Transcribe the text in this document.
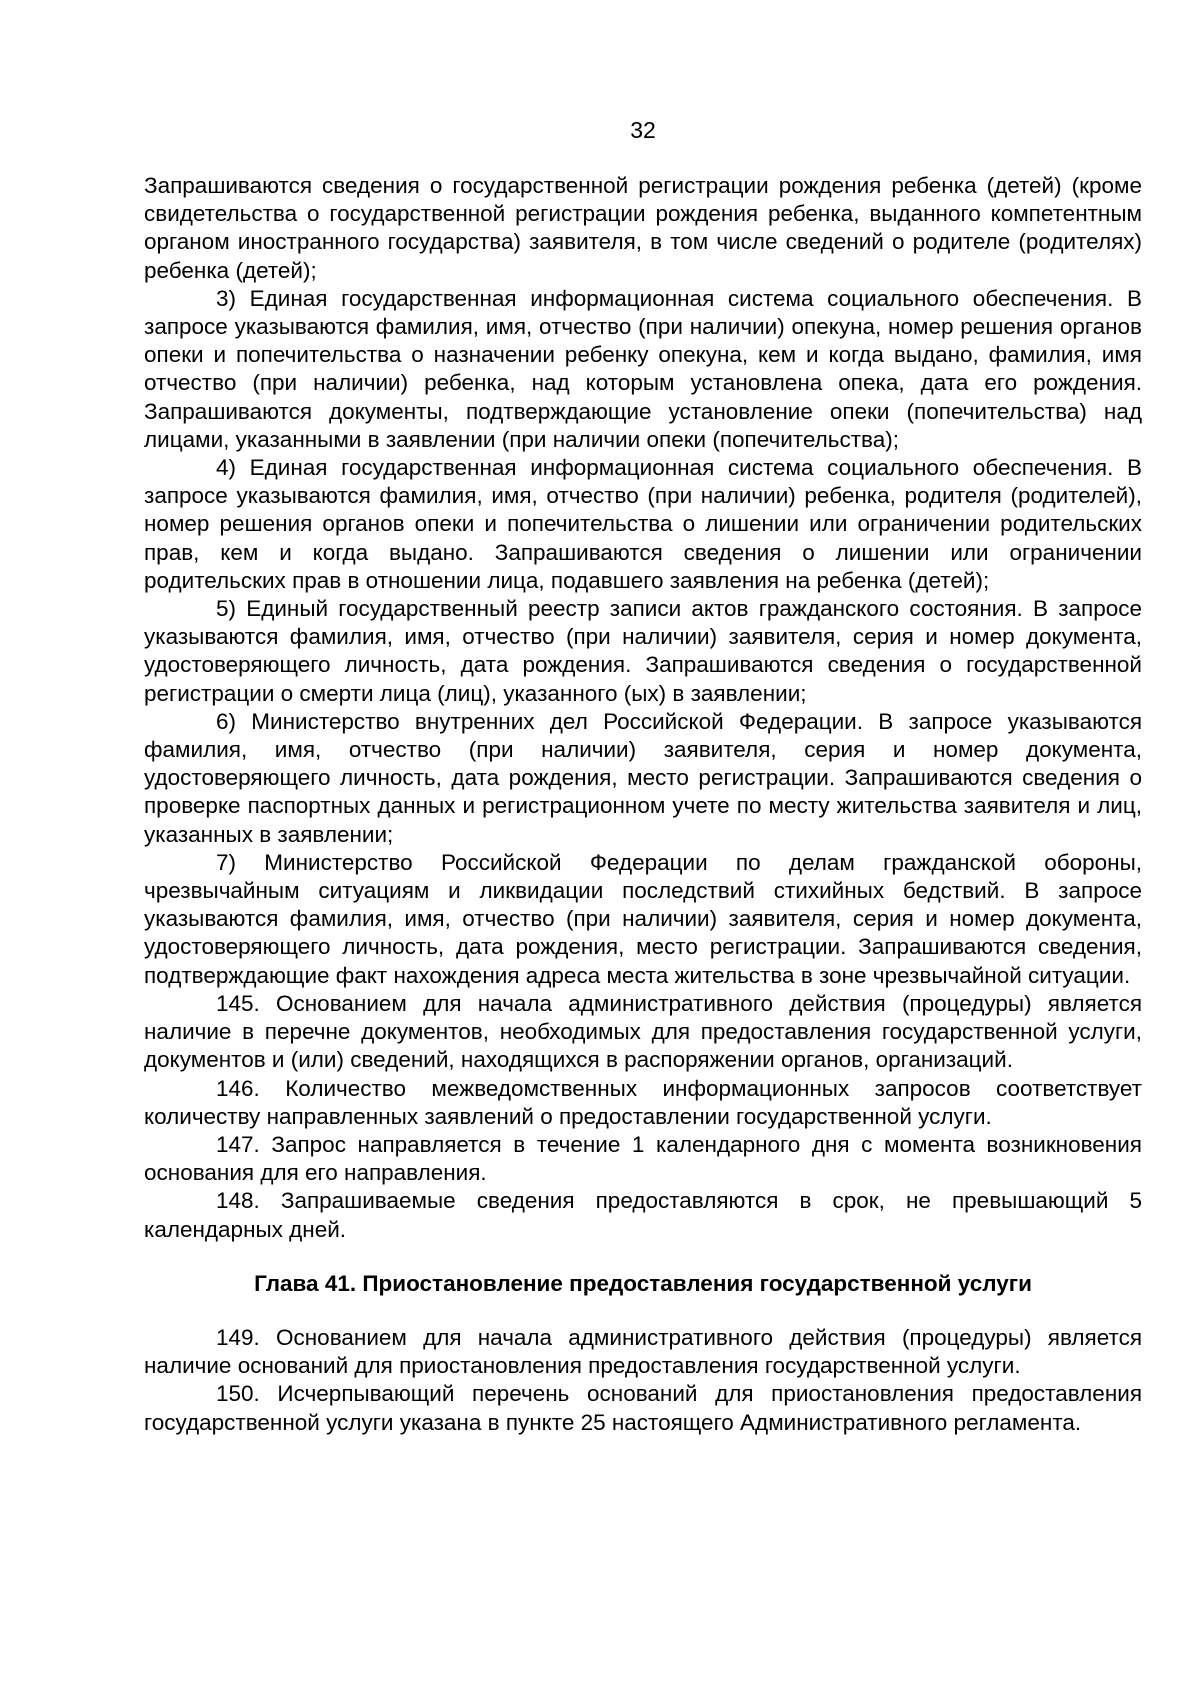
32

Запрашиваются сведения о государственной регистрации рождения ребенка (детей) (кроме свидетельства о государственной регистрации рождения ребенка, выданного компетентным органом иностранного государства) заявителя, в том числе сведений о родителе (родителях) ребенка (детей);

3) Единая государственная информационная система социального обеспечения. В запросе указываются фамилия, имя, отчество (при наличии) опекуна, номер решения органов опеки и попечительства о назначении ребенку опекуна, кем и когда выдано, фамилия, имя отчество (при наличии) ребенка, над которым установлена опека, дата его рождения. Запрашиваются документы, подтверждающие установление опеки (попечительства) над лицами, указанными в заявлении (при наличии опеки (попечительства);

4) Единая государственная информационная система социального обеспечения. В запросе указываются фамилия, имя, отчество (при наличии) ребенка, родителя (родителей), номер решения органов опеки и попечительства о лишении или ограничении родительских прав, кем и когда выдано. Запрашиваются сведения о лишении или ограничении родительских прав в отношении лица, подавшего заявления на ребенка (детей);

5) Единый государственный реестр записи актов гражданского состояния. В запросе указываются фамилия, имя, отчество (при наличии) заявителя, серия и номер документа, удостоверяющего личность, дата рождения. Запрашиваются сведения о государственной регистрации о смерти лица (лиц), указанного (ых) в заявлении;

6) Министерство внутренних дел Российской Федерации. В запросе указываются фамилия, имя, отчество (при наличии) заявителя, серия и номер документа, удостоверяющего личность, дата рождения, место регистрации. Запрашиваются сведения о проверке паспортных данных и регистрационном учете по месту жительства заявителя и лиц, указанных в заявлении;

7) Министерство Российской Федерации по делам гражданской обороны, чрезвычайным ситуациям и ликвидации последствий стихийных бедствий. В запросе указываются фамилия, имя, отчество (при наличии) заявителя, серия и номер документа, удостоверяющего личность, дата рождения, место регистрации. Запрашиваются сведения, подтверждающие факт нахождения адреса места жительства в зоне чрезвычайной ситуации.

145. Основанием для начала административного действия (процедуры) является наличие в перечне документов, необходимых для предоставления государственной услуги, документов и (или) сведений, находящихся в распоряжении органов, организаций.

146. Количество межведомственных информационных запросов соответствует количеству направленных заявлений о предоставлении государственной услуги.

147. Запрос направляется в течение 1 календарного дня с момента возникновения основания для его направления.

148. Запрашиваемые сведения предоставляются в срок, не превышающий 5 календарных дней.

Глава 41. Приостановление предоставления государственной услуги

149. Основанием для начала административного действия (процедуры) является наличие оснований для приостановления предоставления государственной услуги.

150. Исчерпывающий перечень оснований для приостановления предоставления государственной услуги указана в пункте 25 настоящего Административного регламента.
